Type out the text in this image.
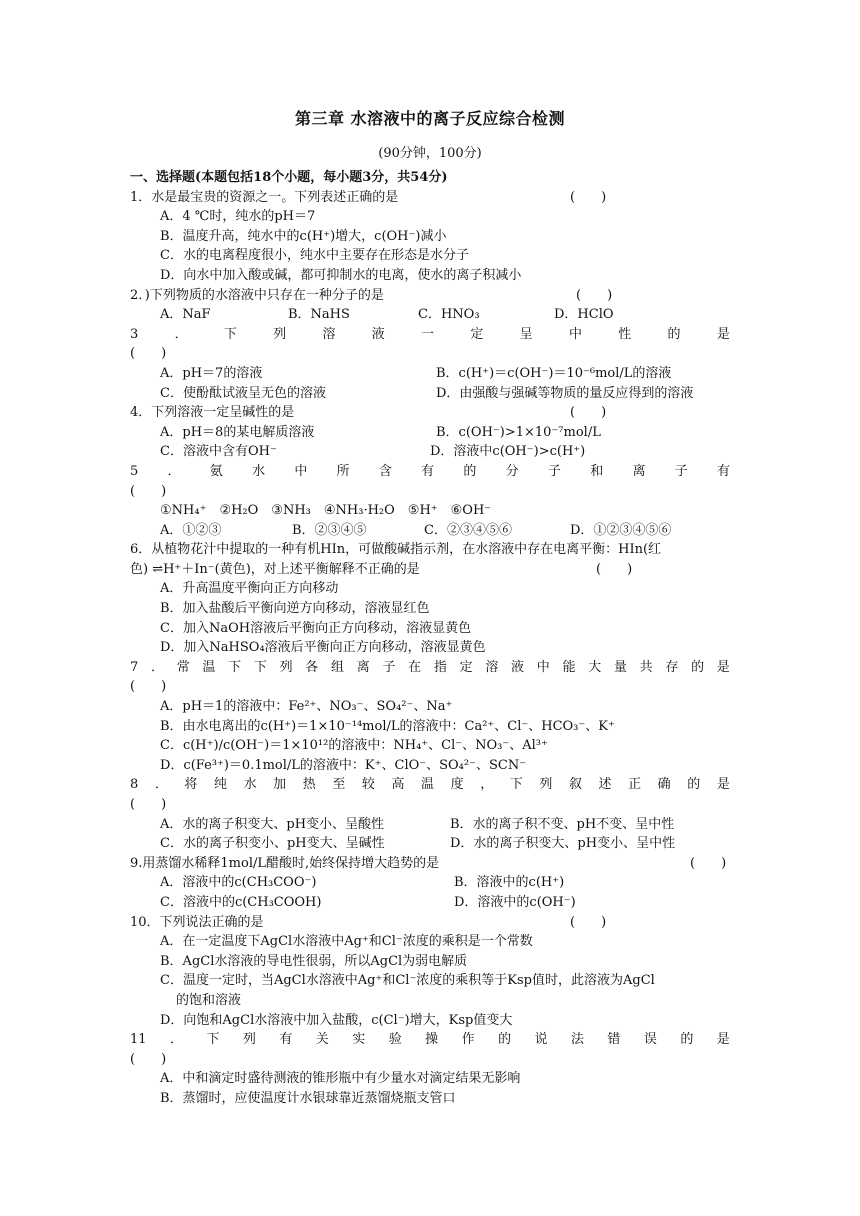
第三章 水溶液中的离子反应综合检测
(90分钟，100分)
一、选择题(本题包括18个小题，每小题3分，共54分)
1．水是最宝贵的资源之一。下列表述正确的是	(　　)
A．4 ℃时，纯水的pH＝7
B．温度升高，纯水中的c(H⁺)增大，c(OH⁻)减小
C．水的电离程度很小，纯水中主要存在形态是水分子
D．向水中加入酸或碱，都可抑制水的电离，使水的离子积减小
2．)下列物质的水溶液中只存在一种分子的是	(　　)
A．NaF	B．NaHS	C．HNO₃	D．HClO
3	．	下	列	溶	液	一	定	呈	中	性	的	是
(　　)
A．pH＝7的溶液	B．c(H⁺)＝c(OH⁻)＝10⁻⁶mol/L的溶液
C．使酚酞试液呈无色的溶液	D．由强酸与强碱等物质的量反应得到的溶液
4．下列溶液一定呈碱性的是	(　　)
A．pH＝8的某电解质溶液	B．c(OH⁻)>1×10⁻⁷mol/L
C．溶液中含有OH⁻	D．溶液中c(OH⁻)>c(H⁺)
5 ． 氨 水 中 所 含 有 的 分 子 和 离 子 有
(　　)
①NH₄⁺　②H₂O　③NH₃　④NH₃·H₂O　⑤H⁺　⑥OH⁻
A．①②③	B．②③④⑤	C．②③④⑤⑥	D．①②③④⑤⑥
6．从植物花汁中提取的一种有机HIn，可做酸碱指示剂，在水溶液中存在电离平衡：HIn(红
色) ⇌H⁺＋In⁻(黄色)，对上述平衡解释不正确的是	(　　)
A．升高温度平衡向正方向移动
B．加入盐酸后平衡向逆方向移动，溶液显红色
C．加入NaOH溶液后平衡向正方向移动，溶液显黄色
D．加入NaHSO₄溶液后平衡向正方向移动，溶液显黄色
7 ． 常 温 下 下 列 各 组 离 子 在 指 定 溶 液 中 能 大 量 共 存 的 是
(　　)
A．pH＝1的溶液中：Fe²⁺、NO₃⁻、SO₄²⁻、Na⁺
B．由水电离出的c(H⁺)＝1×10⁻¹⁴mol/L的溶液中：Ca²⁺、Cl⁻、HCO₃⁻、K⁺
C．c(H⁺)/c(OH⁻)＝1×10¹²的溶液中：NH₄⁺、Cl⁻、NO₃⁻、Al³⁺
D．c(Fe³⁺)＝0.1mol/L的溶液中：K⁺、ClO⁻、SO₄²⁻、SCN⁻
8 ． 将 纯 水 加 热 至 较 高 温 度 ， 下 列 叙 述 正 确 的 是
(　　)
A．水的离子积变大、pH变小、呈酸性	B．水的离子积不变、pH不变、呈中性
C．水的离子积变小、pH变大、呈碱性	D．水的离子积变大、pH变小、呈中性
9.用蒸馏水稀释1mol/L醋酸时,始终保持增大趋势的是	(　　)
A．溶液中的c(CH₃COO⁻)	B．溶液中的c(H⁺)
C．溶液中的c(CH₃COOH)	D．溶液中的c(OH⁻)
10．下列说法正确的是	(　　)
A．在一定温度下AgCl水溶液中Ag⁺和Cl⁻浓度的乘积是一个常数
B．AgCl水溶液的导电性很弱，所以AgCl为弱电解质
C．温度一定时，当AgCl水溶液中Ag⁺和Cl⁻浓度的乘积等于Ksp值时，此溶液为AgCl
的饱和溶液
D．向饱和AgCl水溶液中加入盐酸，c(Cl⁻)增大，Ksp值变大
11 ． 下 列 有 关 实 验 操 作 的 说 法 错 误 的 是
(　　)
A．中和滴定时盛待测液的锥形瓶中有少量水对滴定结果无影响
B．蒸馏时，应使温度计水银球靠近蒸馏烧瓶支管口
